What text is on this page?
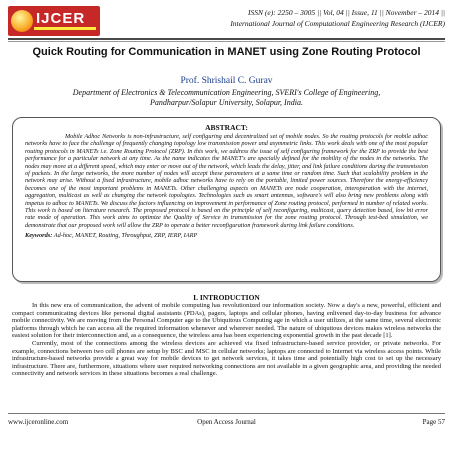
IJCER	ISSN (e): 2250 – 3005 || Vol, 04 || Issue, 11 || November – 2014 ||
International Journal of Computational Engineering Research (IJCER)
Quick Routing for Communication in MANET using Zone Routing Protocol
Prof. Shrishail C. Gurav
Department of Electronics & Telecommunication Engineering, SVERI's College of Engineering, Pandharpur/Solapur University, Solapur, India.
ABSTRACT:
Mobile Adhoc Networks is non-infrastructure, self configuring and decentralized set of mobile nodes. So the routing protocols for mobile adhoc networks have to face the challenge of frequently changing topology low transmission power and asymmetric links. This work deals with one of the most popular routing protocols in MANETs i.e. Zone Routing Protocol (ZRP). In this work, we address the issue of self configuring framework for the ZRP to provide the best performance for a particular network at any time. As the name indicates the MANET's are specially defined for the mobility of the nodes in the networks. The nodes may move at a different speed, which may enter or move out of the network, which leads the delay, jitter, and link failure conditions during the transmission of packets. In the large networks, the more number of nodes will accept these parameters at a same time or random time. Such that scalability problem in the network may arise. Without a fixed infrastructure, mobile adhoc networks have to rely on the portable, limited power sources. Therefore the energy-efficiency becomes one of the most important problems in MANETs. Other challenging aspects on MANETs are node cooperation, interoperation with the internet, aggregation, multicast as well as changing the network topologies. Technologies such as smart antennas, software's will also bring new problems along with impetus to adhoc to MANETs. We discuss the factors influencing on improvement in performance of Zone routing protocol, performed in number of related works. This work is based on literature research. The proposed protocol is based on the principle of self reconfiguring, multicast, query detection based, low bit error rate mode of operation. This work aims to optimize the Quality of Service in transmission for the zone routing protocol. Through test-bed simulation, we demonstrate that our proposed work will allow the ZRP to operate a better reconfiguration framework during link failure conditions.
Keywords: Ad-hoc, MANET, Routing, Throughput, ZRP, IERP, IARP
I. INTRODUCTION

In this new era of communication, the advent of mobile computing has revolutionized our information society. Now a day's a new, powerful, efficient and compact communicating devices like personal digital assistants (PDAs), pagers, laptops and cellular phones, having enlivened day-to-day business for advance mobile connectivity. We are moving from the Personal Computer age to the Ubiquitous Computing age in which a user utilizes, at the same time, several electronic platforms through which he can access all the required information whenever and wherever needed. The nature of ubiquitous devices makes wireless networks the easiest solution for their interconnection and, as a consequence, the wireless area has been experiencing exponential growth in the past decade [1].

Currently, most of the connections among the wireless devices are achieved via fixed infrastructure-based service provider, or private networks. For example, connections between two cell phones are setup by BSC and MSC in cellular networks; laptops are connected to Internet via wireless access points. While infrastructure-based networks provide a great way for mobile devices to get network services, it takes time and potentially high cost to set up the necessary infrastructure. There are, furthermore, situations where user required networking connections are not available in a given geographic area, and providing the needed connectivity and network services in these situations becomes a real challenge.

www.ijceronline.com	Open Access Journal	Page 57
